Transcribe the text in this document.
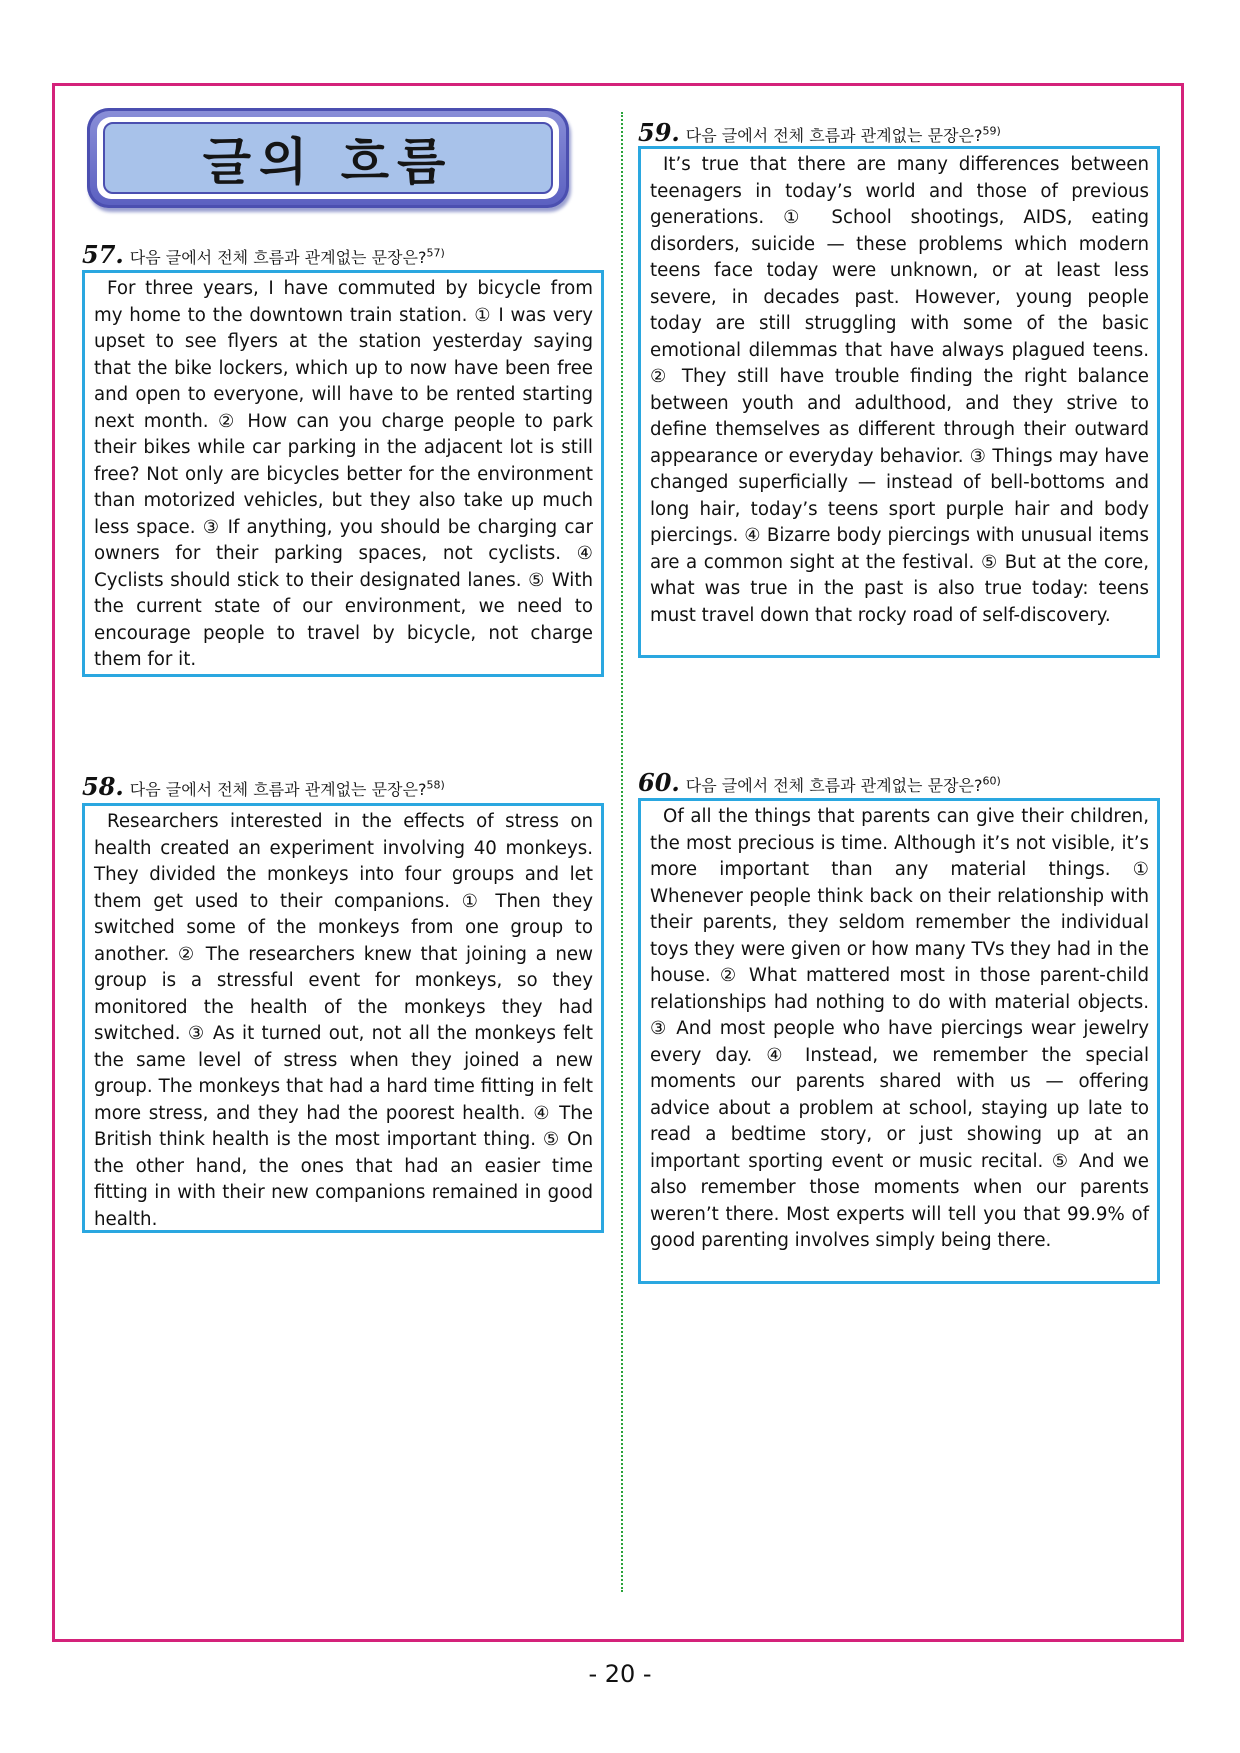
글의 흐름
57. 다음 글에서 전체 흐름과 관계없는 문장은?$^{57)}$

For three years, I have commuted by bicycle from my home to the downtown train station. ① I was very upset to see flyers at the station yesterday saying that the bike lockers, which up to now have been free and open to everyone, will have to be rented starting next month. ② How can you charge people to park their bikes while car parking in the adjacent lot is still free? Not only are bicycles better for the environment than motorized vehicles, but they also take up much less space. ③ If anything, you should be charging car owners for their parking spaces, not cyclists. ④ Cyclists should stick to their designated lanes. ⑤ With the current state of our environment, we need to encourage people to travel by bicycle, not charge them for it.

58. 다음 글에서 전체 흐름과 관계없는 문장은?$^{58)}$

Researchers interested in the effects of stress on health created an experiment involving 40 monkeys. They divided the monkeys into four groups and let them get used to their companions. ① Then they switched some of the monkeys from one group to another. ② The researchers knew that joining a new group is a stressful event for monkeys, so they monitored the health of the monkeys they had switched. ③ As it turned out, not all the monkeys felt the same level of stress when they joined a new group. The monkeys that had a hard time fitting in felt more stress, and they had the poorest health. ④ The British think health is the most important thing. ⑤ On the other hand, the ones that had an easier time fitting in with their new companions remained in good health.

59. 다음 글에서 전체 흐름과 관계없는 문장은?$^{59)}$

It’s true that there are many differences between teenagers in today’s world and those of previous generations. ① School shootings, AIDS, eating disorders, suicide — these problems which modern teens face today were unknown, or at least less severe, in decades past. However, young people today are still struggling with some of the basic emotional dilemmas that have always plagued teens. ② They still have trouble finding the right balance between youth and adulthood, and they strive to define themselves as different through their outward appearance or everyday behavior. ③ Things may have changed superficially — instead of bell-bottoms and long hair, today’s teens sport purple hair and body piercings. ④ Bizarre body piercings with unusual items are a common sight at the festival. ⑤ But at the core, what was true in the past is also true today: teens must travel down that rocky road of self-discovery.

60. 다음 글에서 전체 흐름과 관계없는 문장은?$^{60)}$

Of all the things that parents can give their children, the most precious is time. Although it’s not visible, it’s more important than any material things. ① Whenever people think back on their relationship with their parents, they seldom remember the individual toys they were given or how many TVs they had in the house. ② What mattered most in those parent-child relationships had nothing to do with material objects. ③ And most people who have piercings wear jewelry every day. ④ Instead, we remember the special moments our parents shared with us — offering advice about a problem at school, staying up late to read a bedtime story, or just showing up at an important sporting event or music recital. ⑤ And we also remember those moments when our parents weren’t there. Most experts will tell you that 99.9% of good parenting involves simply being there.

- 20 -
